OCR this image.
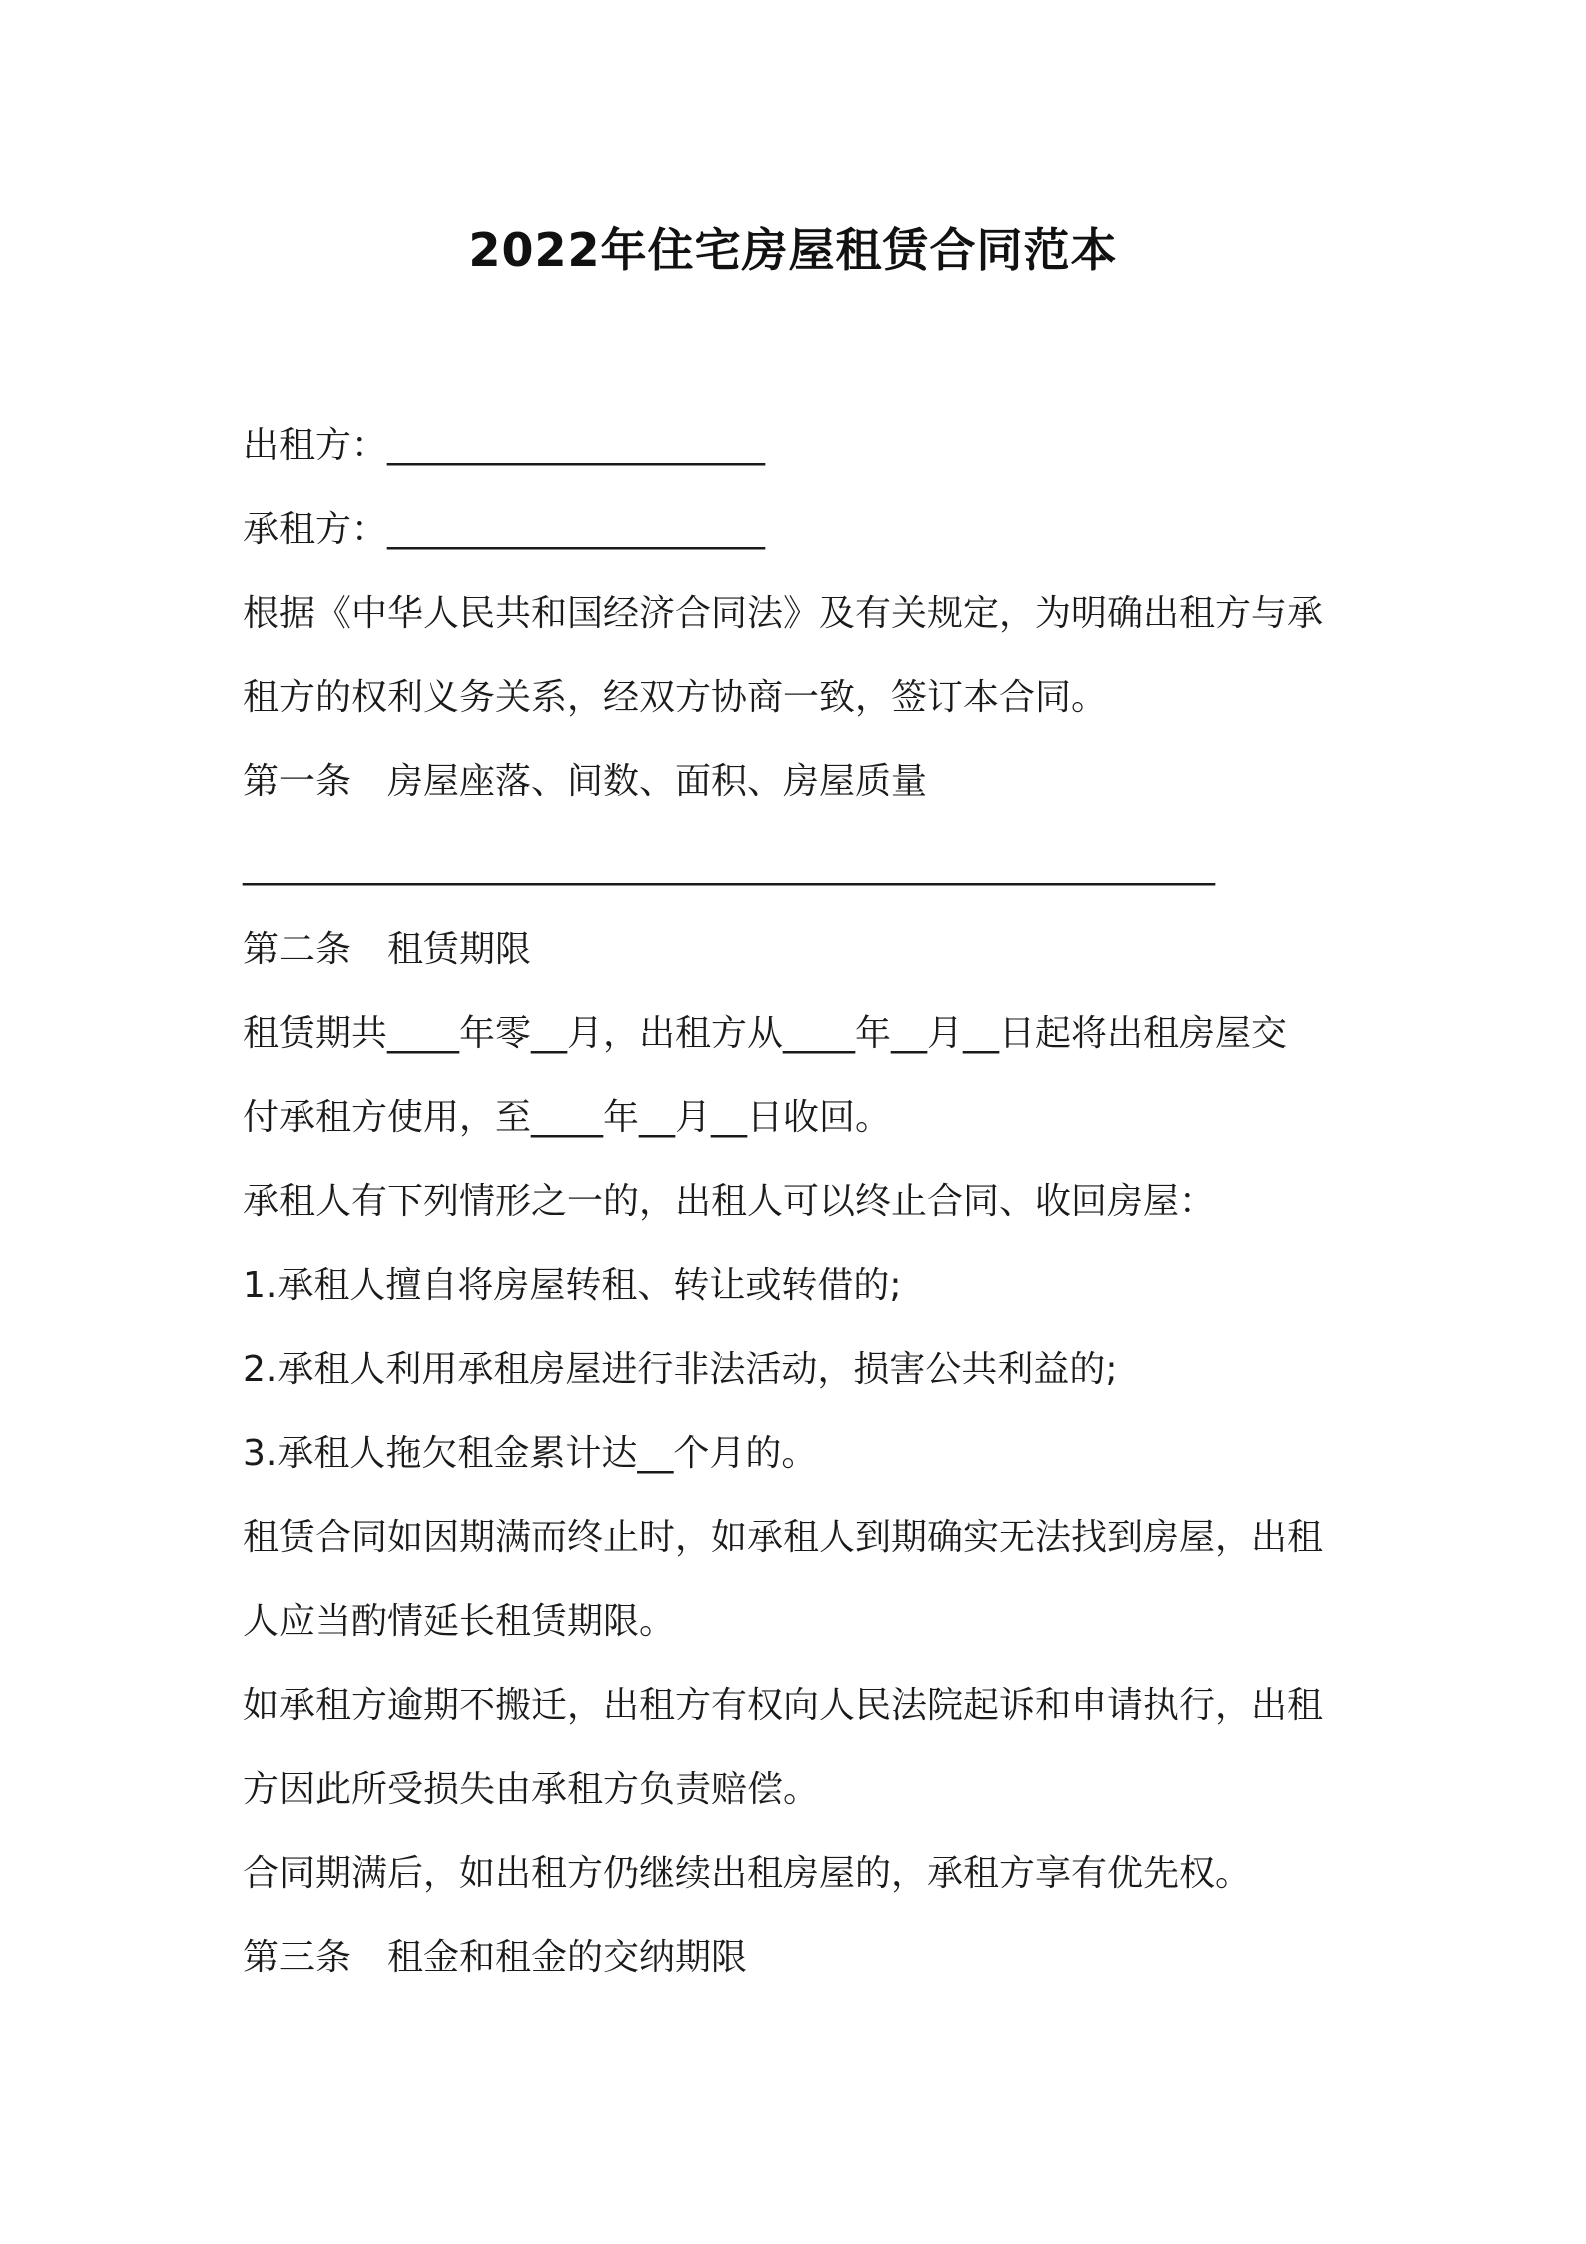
2022年住宅房屋租赁合同范本
出租方：_____________________
承租方：_____________________
根据《中华人民共和国经济合同法》及有关规定，为明确出租方与承
租方的权利义务关系，经双方协商一致，签订本合同。
第一条　房屋座落、间数、面积、房屋质量
______________________________________________________
第二条　租赁期限
租赁期共____年零__月，出租方从____年__月__日起将出租房屋交
付承租方使用，至____年__月__日收回。
承租人有下列情形之一的，出租人可以终止合同、收回房屋：
1.承租人擅自将房屋转租、转让或转借的;
2.承租人利用承租房屋进行非法活动，损害公共利益的;
3.承租人拖欠租金累计达__个月的。
租赁合同如因期满而终止时，如承租人到期确实无法找到房屋，出租
人应当酌情延长租赁期限。
如承租方逾期不搬迁，出租方有权向人民法院起诉和申请执行，出租
方因此所受损失由承租方负责赔偿。
合同期满后，如出租方仍继续出租房屋的，承租方享有优先权。
第三条　租金和租金的交纳期限
